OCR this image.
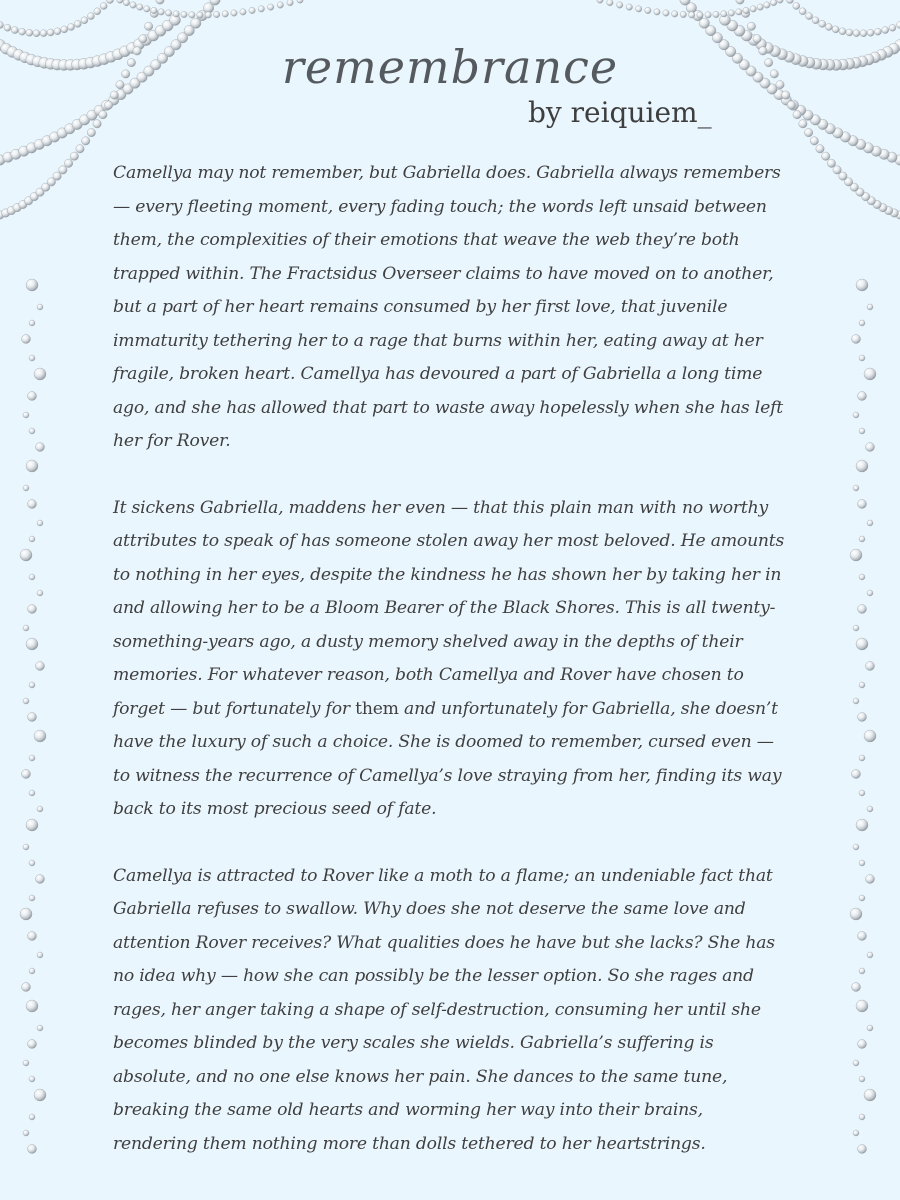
remembrance
by reiquiem_

Camellya may not remember, but Gabriella does. Gabriella always remembers — every fleeting moment, every fading touch; the words left unsaid between them, the complexities of their emotions that weave the web they’re both trapped within. The Fractsidus Overseer claims to have moved on to another, but a part of her heart remains consumed by her first love, that juvenile immaturity tethering her to a rage that burns within her, eating away at her fragile, broken heart. Camellya has devoured a part of Gabriella a long time ago, and she has allowed that part to waste away hopelessly when she has left her for Rover.

It sickens Gabriella, maddens her even — that this plain man with no worthy attributes to speak of has someone stolen away her most beloved. He amounts to nothing in her eyes, despite the kindness he has shown her by taking her in and allowing her to be a Bloom Bearer of the Black Shores. This is all twenty-something-years ago, a dusty memory shelved away in the depths of their memories. For whatever reason, both Camellya and Rover have chosen to forget — but fortunately for them and unfortunately for Gabriella, she doesn’t have the luxury of such a choice. She is doomed to remember, cursed even — to witness the recurrence of Camellya’s love straying from her, finding its way back to its most precious seed of fate.

Camellya is attracted to Rover like a moth to a flame; an undeniable fact that Gabriella refuses to swallow. Why does she not deserve the same love and attention Rover receives? What qualities does he have but she lacks? She has no idea why — how she can possibly be the lesser option. So she rages and rages, her anger taking a shape of self-destruction, consuming her until she becomes blinded by the very scales she wields. Gabriella’s suffering is absolute, and no one else knows her pain. She dances to the same tune, breaking the same old hearts and worming her way into their brains, rendering them nothing more than dolls tethered to her heartstrings.
